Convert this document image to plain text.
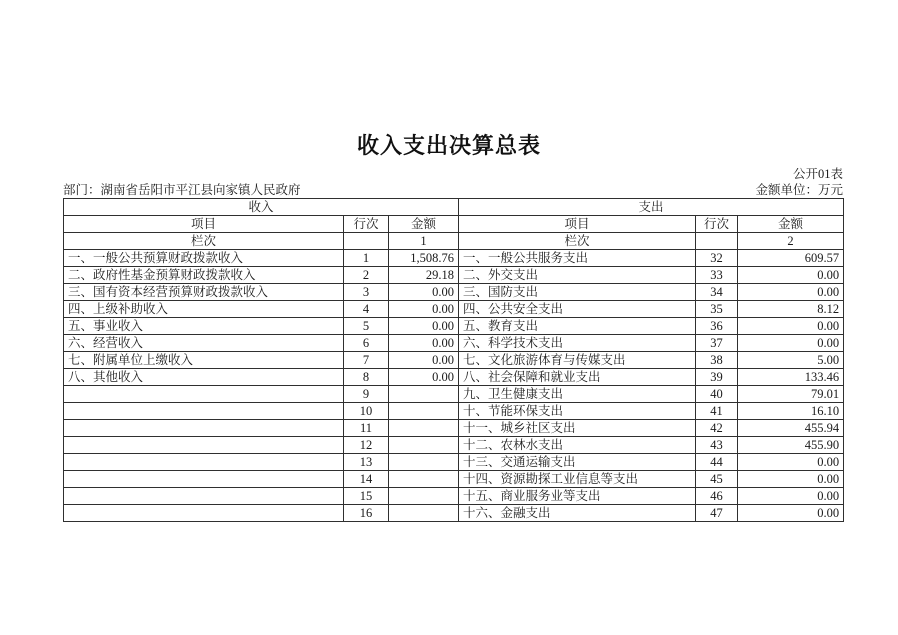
收入支出决算总表
公开01表
部门：湖南省岳阳市平江县向家镇人民政府	金额单位：万元
收入			支出		
项目	行次	金额	项目	行次	金额
栏次		1	栏次		2
一、一般公共预算财政拨款收入	1	1,508.76	一、一般公共服务支出	32	609.57
二、政府性基金预算财政拨款收入	2	29.18	二、外交支出	33	0.00
三、国有资本经营预算财政拨款收入	3	0.00	三、国防支出	34	0.00
四、上级补助收入	4	0.00	四、公共安全支出	35	8.12
五、事业收入	5	0.00	五、教育支出	36	0.00
六、经营收入	6	0.00	六、科学技术支出	37	0.00
七、附属单位上缴收入	7	0.00	七、文化旅游体育与传媒支出	38	5.00
八、其他收入	8	0.00	八、社会保障和就业支出	39	133.46
	9		九、卫生健康支出	40	79.01
	10		十、节能环保支出	41	16.10
	11		十一、城乡社区支出	42	455.94
	12		十二、农林水支出	43	455.90
	13		十三、交通运输支出	44	0.00
	14		十四、资源勘探工业信息等支出	45	0.00
	15		十五、商业服务业等支出	46	0.00
	16		十六、金融支出	47	0.00
